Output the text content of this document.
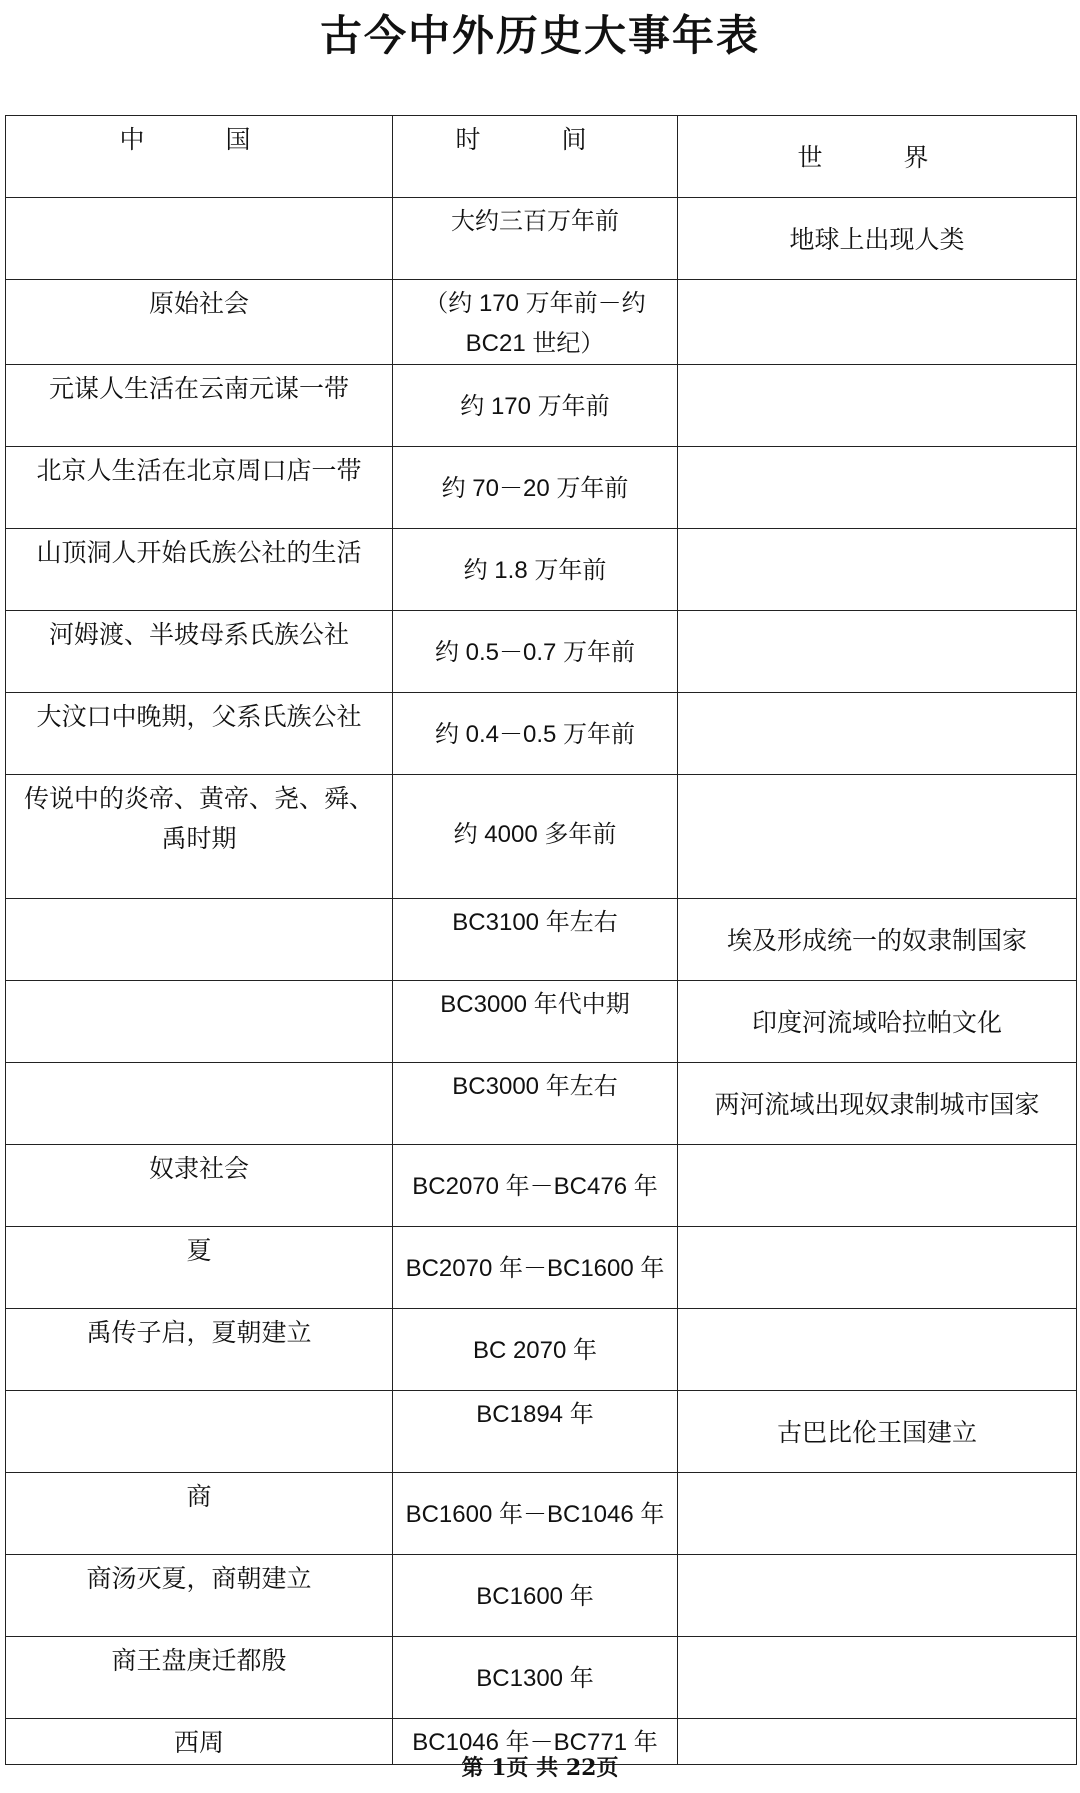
古今中外历史大事年表
中　国	时　间	世　界

	大约三百万年前	地球上出现人类

原始社会	（约 170 万年前－约 BC21 世纪）	
元谋人生活在云南元谋一带	约 170 万年前	

北京人生活在北京周口店一带	约 70－20 万年前	

山顶洞人开始氏族公社的生活	约 1.8 万年前	

河姆渡、半坡母系氏族公社	约 0.5－0.7 万年前	

大汶口中晚期，父系氏族公社	约 0.4－0.5 万年前	

传说中的炎帝、黄帝、尧、舜、禹时期	约 4000 多年前	

	BC3100 年左右	埃及形成统一的奴隶制国家

	BC3000 年代中期	印度河流域哈拉帕文化

	BC3000 年左右	两河流域出现奴隶制城市国家

奴隶社会	BC2070 年－BC476 年	

夏	BC2070 年－BC1600 年	

禹传子启，夏朝建立	BC 2070 年	

	BC1894 年	古巴比伦王国建立

商	BC1600 年－BC1046 年	

商汤灭夏，商朝建立	BC1600 年	

商王盘庚迁都殷	BC1300 年	

西周	BC1046 年－BC771 年	
第 1页 共 22页
